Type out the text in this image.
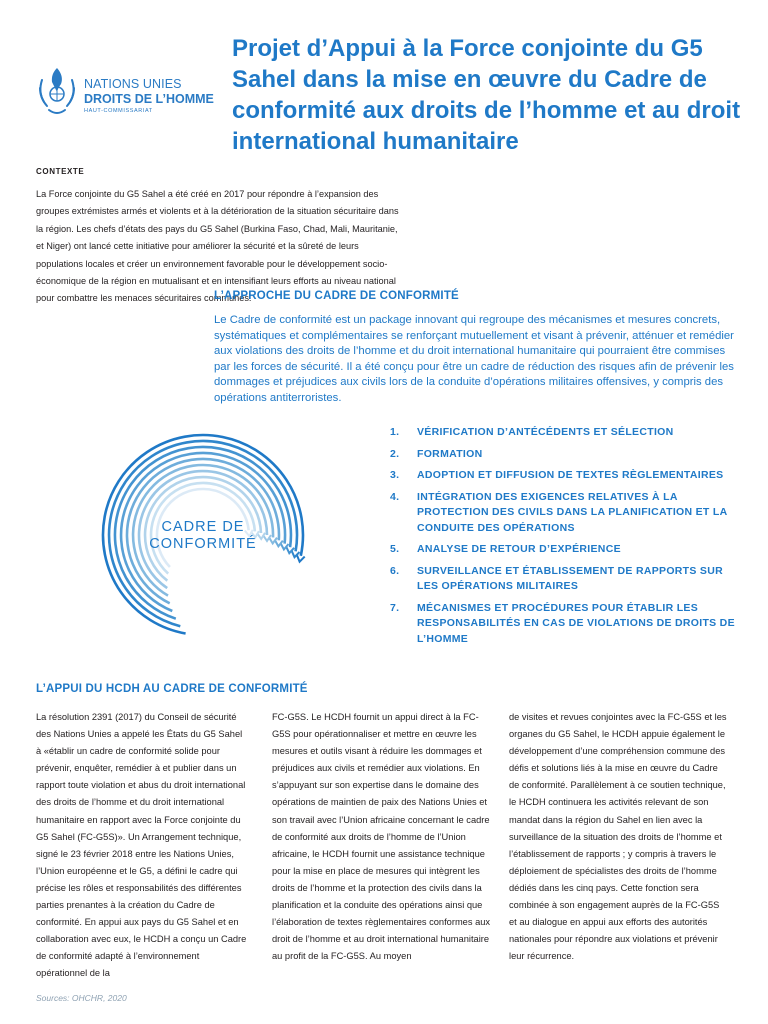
NATIONS UNIES
DROITS DE L’HOMME
HAUT-COMMISSARIAT
Projet d’Appui à la Force conjointe du G5 Sahel dans la mise en œuvre du Cadre de conformité aux droits de l’homme et au droit international humanitaire
CONTEXTE

La Force conjointe du G5 Sahel a été créé en 2017 pour répondre à l’expansion des groupes extrémistes armés et violents et à la détérioration de la situation sécuritaire dans la région. Les chefs d’états des pays du G5 Sahel (Burkina Faso, Chad, Mali, Mauritanie, et Niger) ont lancé cette initiative pour améliorer la sécurité et la sûreté de leurs populations locales et créer un environnement favorable pour le développement socio-économique de la région en mutualisant et en intensifiant leurs efforts au niveau national pour combattre les menaces sécuritaires communes.

L’APPROCHE DU CADRE DE CONFORMITÉ

Le Cadre de conformité est un package innovant qui regroupe des mécanismes et mesures concrets, systématiques et complémentaires se renforçant mutuellement et visant à prévenir, atténuer et remédier aux violations des droits de l’homme et du droit international humanitaire qui pourraient être commises par les forces de sécurité. Il a été conçu pour être un cadre de réduction des risques afin de prévenir les dommages et préjudices aux civils lors de la conduite d’opérations militaires offensives, y compris des opérations antiterroristes.

CADRE DE
CONFORMITÉ
1. VÉRIFICATION D’ANTÉCÉDENTS ET SÉLECTION
2. FORMATION
3. ADOPTION ET DIFFUSION DE TEXTES RÈGLEMENTAIRES
4. INTÉGRATION DES EXIGENCES RELATIVES À LA PROTECTION DES CIVILS DANS LA PLANIFICATION ET LA CONDUITE DES OPÉRATIONS
5. ANALYSE DE RETOUR D’EXPÉRIENCE
6. SURVEILLANCE ET ÉTABLISSEMENT DE RAPPORTS SUR LES OPÉRATIONS MILITAIRES
7. MÉCANISMES ET PROCÉDURES POUR ÉTABLIR LES RESPONSABILITÉS EN CAS DE VIOLATIONS DE DROITS DE L’HOMME
L’APPUI DU HCDH AU CADRE DE CONFORMITÉ

La résolution 2391 (2017) du Conseil de sécurité des Nations Unies a appelé les États du G5 Sahel à «établir un cadre de conformité solide pour prévenir, enquêter, remédier à et publier dans un rapport toute violation et abus du droit international des droits de l’homme et du droit international humanitaire en rapport avec la Force conjointe du G5 Sahel (FC-G5S)». Un Arrangement technique, signé le 23 février 2018 entre les Nations Unies, l’Union européenne et le G5, a défini le cadre qui précise les rôles et responsabilités des différentes parties prenantes à la création du Cadre de conformité. En appui aux pays du G5 Sahel et en collaboration avec eux, le HCDH a conçu un Cadre de conformité adapté à l’environnement opérationnel de la

FC-G5S. Le HCDH fournit un appui direct à la FC-G5S pour opérationnaliser et mettre en œuvre les mesures et outils visant à réduire les dommages et préjudices aux civils et remédier aux violations. En s’appuyant sur son expertise dans le domaine des opérations de maintien de paix des Nations Unies et son travail avec l’Union africaine concernant le cadre de conformité aux droits de l’homme de l’Union africaine, le HCDH fournit une assistance technique pour la mise en place de mesures qui intègrent les droits de l’homme et la protection des civils dans la planification et la conduite des opérations ainsi que l’élaboration de textes règlementaires conformes aux droit de l’homme et au droit international humanitaire au profit de la FC-G5S. Au moyen

de visites et revues conjointes avec la FC-G5S et les organes du G5 Sahel, le HCDH appuie également le développement d’une compréhension commune des défis et solutions liés à la mise en œuvre du Cadre de conformité. Parallèlement à ce soutien technique, le HCDH continuera les activités relevant de son mandat dans la région du Sahel en lien avec la surveillance de la situation des droits de l’homme et l’établissement de rapports ; y compris à travers le déploiement de spécialistes des droits de l’homme dédiés dans les cinq pays. Cette fonction sera combinée à son engagement auprès de la FC-G5S et au dialogue en appui aux efforts des autorités nationales pour répondre aux violations et prévenir leur récurrence.

Sources: OHCHR, 2020
